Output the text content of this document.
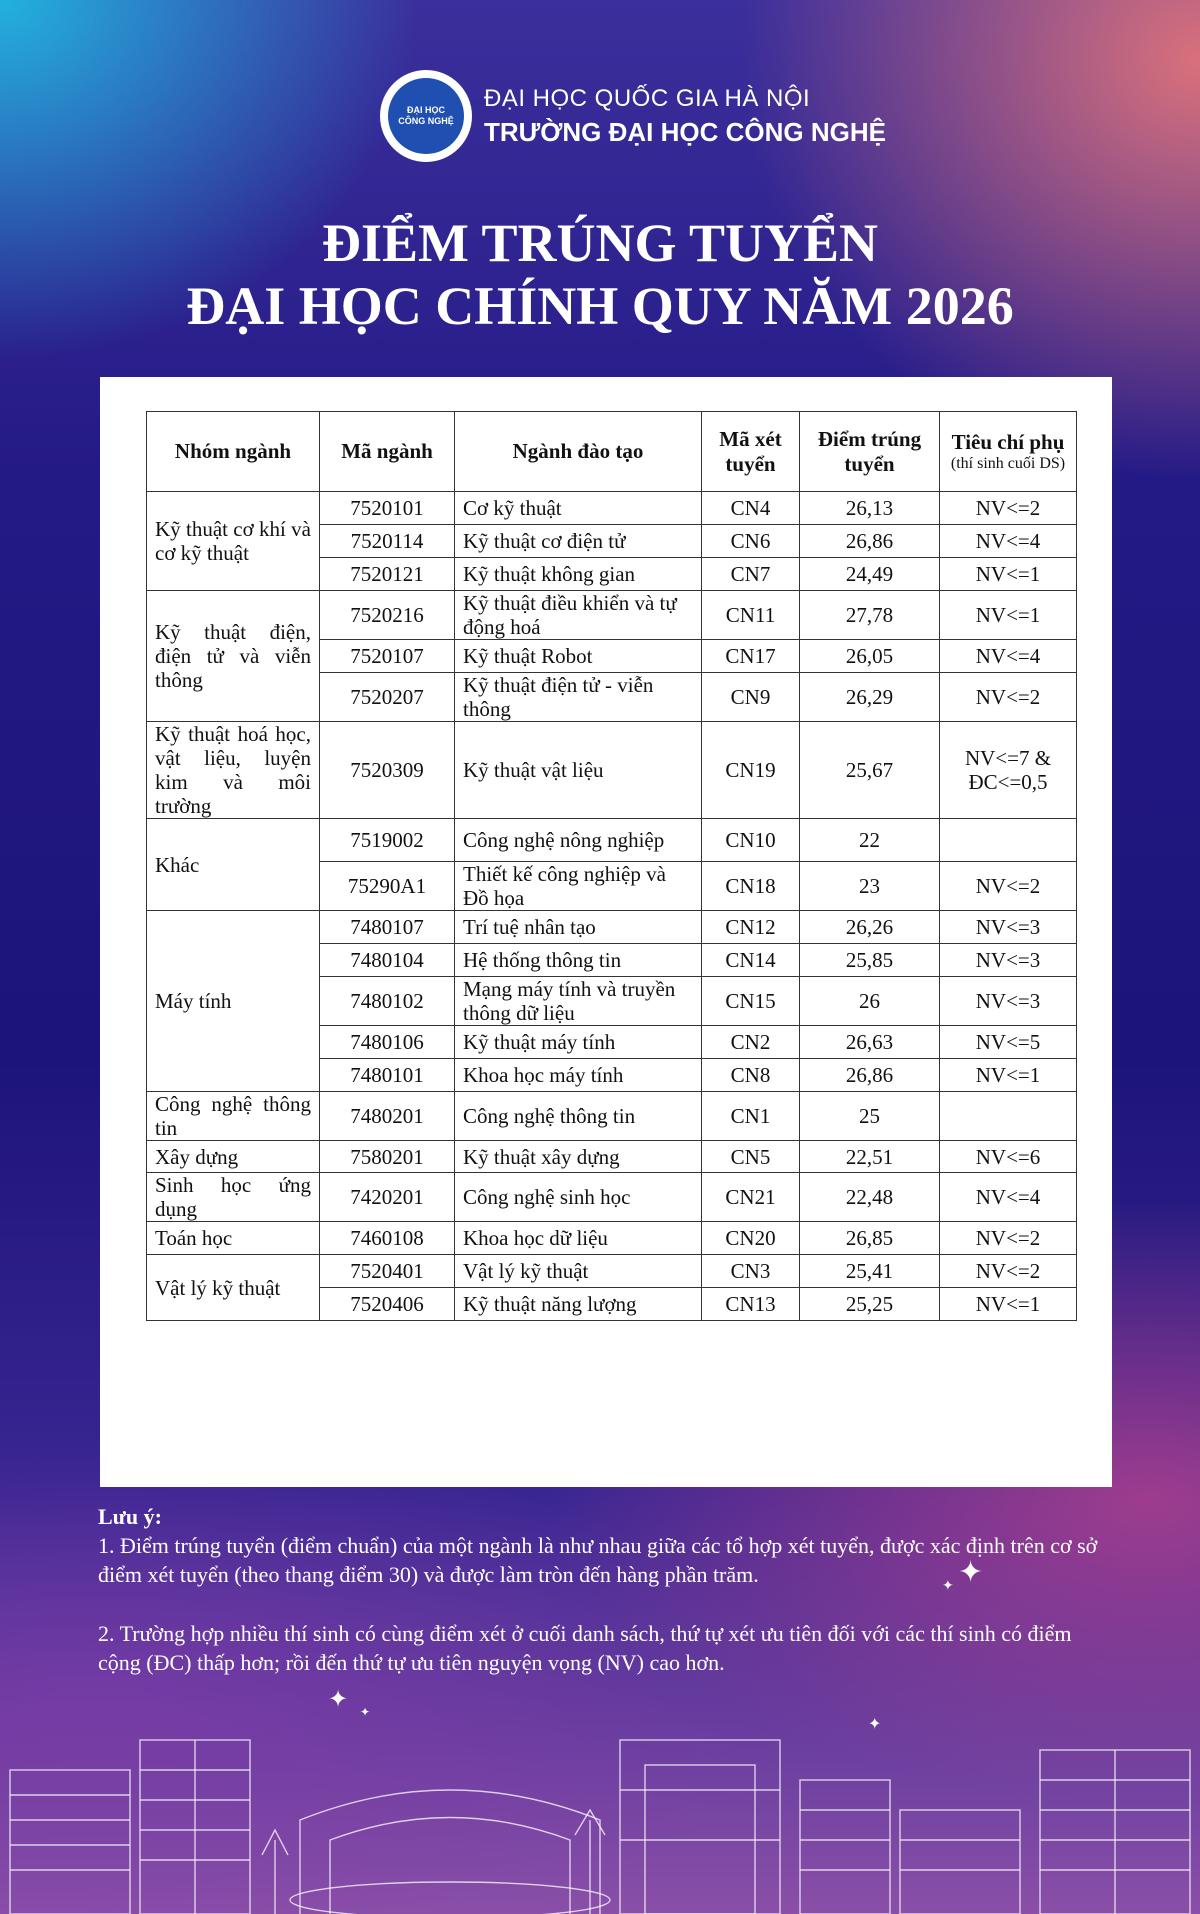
ĐẠI HỌC
CÔNG NGHỆ
ĐẠI HỌC QUỐC GIA HÀ NỘI
TRƯỜNG ĐẠI HỌC CÔNG NGHỆ
ĐIỂM TRÚNG TUYỂN
ĐẠI HỌC CHÍNH QUY NĂM 2026
Nhóm ngành	Mã ngành	Ngành đào tạo	Mã xét tuyển	Điểm trúng tuyển	Tiêu chí phụ
(thí sinh cuối DS)

Kỹ thuật cơ khí và cơ kỹ thuật	7520101	Cơ kỹ thuật	CN4	26,13	NV<=2
	7520114	Kỹ thuật cơ điện tử	CN6	26,86	NV<=4
	7520121	Kỹ thuật không gian	CN7	24,49	NV<=1
Kỹ thuật điện, điện tử và viễn thông	7520216	Kỹ thuật điều khiển và tự động hoá	CN11	27,78	NV<=1
	7520107	Kỹ thuật Robot	CN17	26,05	NV<=4
	7520207	Kỹ thuật điện tử - viễn thông	CN9	26,29	NV<=2
Kỹ thuật hoá học, vật liệu, luyện kim và môi trường	7520309	Kỹ thuật vật liệu	CN19	25,67	NV<=7 & ĐC<=0,5
Khác	7519002	Công nghệ nông nghiệp	CN10	22	
	75290A1	Thiết kế công nghiệp và Đồ họa	CN18	23	NV<=2
Máy tính	7480107	Trí tuệ nhân tạo	CN12	26,26	NV<=3
	7480104	Hệ thống thông tin	CN14	25,85	NV<=3
	7480102	Mạng máy tính và truyền thông dữ liệu	CN15	26	NV<=3
	7480106	Kỹ thuật máy tính	CN2	26,63	NV<=5
	7480101	Khoa học máy tính	CN8	26,86	NV<=1
Công nghệ thông tin	7480201	Công nghệ thông tin	CN1	25	
Xây dựng	7580201	Kỹ thuật xây dựng	CN5	22,51	NV<=6
Sinh học ứng dụng	7420201	Công nghệ sinh học	CN21	22,48	NV<=4
Toán học	7460108	Khoa học dữ liệu	CN20	26,85	NV<=2
Vật lý kỹ thuật	7520401	Vật lý kỹ thuật	CN3	25,41	NV<=2
	7520406	Kỹ thuật năng lượng	CN13	25,25	NV<=1

Lưu ý:

1. Điểm trúng tuyển (điểm chuẩn) của một ngành là như nhau giữa các tổ hợp xét tuyển, được xác định trên cơ sở điểm xét tuyển (theo thang điểm 30) và được làm tròn đến hàng phần trăm.

2. Trường hợp nhiều thí sinh có cùng điểm xét ở cuối danh sách, thứ tự xét ưu tiên đối với các thí sinh có điểm cộng (ĐC) thấp hơn; rồi đến thứ tự ưu tiên nguyện vọng (NV) cao hơn.

✦
✦
✦ ✦
✦
